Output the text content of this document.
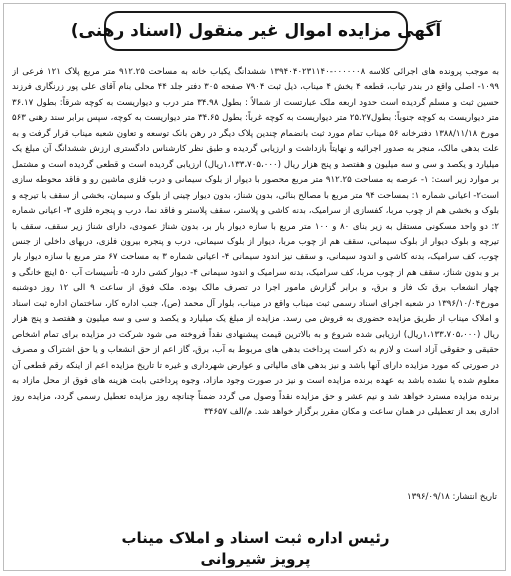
آگهی مزایده اموال غیر منقول (اسناد رهنی)
به موجب پرونده های اجرائی کلاسه ۰۰۰۰۰۰۸-۱۳۹۴۰۴۰۲۳۱۱۴۰ ششدانگ یکباب خانه به مساحت ۹۱۲.۲۵ متر مربع پلاک ۱۲۱ فرعی از ۱۰۹۹- اصلی واقع در بندر تیاب، قطعه ۴ بخش ۴ میناب، ذیل ثبت ۷۹۰۴ صفحه ۳۰۵ دفتر جلد ۴۴ محلی بنام آقای علی پور زرنگاری فرزند حسین ثبت و مسلم گردیده است حدود اربعه ملک عبارتست از شمالاً : بطول ۳۴.۹۸ متر درب و دیواریست به کوچه شرقاً: بطول ۳۶.۱۷ متر دیواریست به کوچه جنوباً: بطول۲۵.۲۷ متر دیواریست به کوچه غرباً: بطول ۳۴.۶۵ متر دیواریست به کوچه، سپس برابر سند رهنی ۵۶۳ مورخ ۱۳۸۸/۱۱/۱۸ دفترخانه ۵۶ میناب تمام مورد ثبت بانضمام چندین پلاک دیگر در رهن بانک توسعه و تعاون شعبه میناب قرار گرفت و به علت بدهی مالک، منجر به صدور اجرائیه و نهایتاً بازداشت و ارزیابی گردیده و طبق نظر کارشناس دادگستری ارزش ششدانگ آن مبلغ یک میلیارد و یکصد و سی و سه میلیون و هفتصد و پنج هزار ریال (۱،۱۳۳،۷۰۵،۰۰۰ریال) ارزیابی گردیده است و قطعی گردیده است و مشتمل بر موارد زیر است: ۱- عرصه به مساحت ۹۱۲.۲۵ متر مربع محصور با دیوار از بلوک سیمانی و درب فلزی ماشین رو و فاقد محوطه سازی است۲- اعیانی شماره ۱: بمساحت ۹۴ متر مربع با مصالح بنائی، بدون شناژ، بدون دیوار چینی از بلوک و سیمان، بخشی از سقف با تیرچه و بلوک و بخشی هم از چوب مربا، کفسازی از سرامیک، بدنه کاشی و پلاستر، سقف پلاستر و فاقد نما، درب و پنجره فلزی ۳- اعیانی شماره ۲: دو واحد مسکونی مستقل به زیر بنای ۸۰ و ۱۰۰ متر مربع با سازه دیوار بار بر، بدون شناژ عمودی، دارای شناژ زیر سقف، سقف با تیرچه و بلوک دیوار از بلوک سیمانی، سقف هم از چوب مربا، دیوار از بلوک سیمانی، درب و پنجره بیرون فلزی، دربهای داخلی از جنس چوب، کف سرامیک، بدنه کاشی و اندود سیمانی، و سقف نیز اندود سیمانی ۴- اعیانی شماره ۳ به مساحت ۶۷ متر مربع با سازه دیوار بار بر و بدون شناژ، سقف هم از چوب مربا، کف سرامیک، بدنه سرامیک و اندود سیمانی ۴- دیوار کشی دارد ۵- تأسیسات آب ۵۰ اینچ خانگی و چهار انشعاب برق تک فاز و برق، و برابر گزارش مامور اجرا در تصرف مالک بوده. ملک فوق از ساعت ۹ الی ۱۲ روز دوشنبه مورخ۱۳۹۶/۱۰/۰۴ در شعبه اجرای اسناد رسمی ثبت میناب واقع در میناب، بلوار آل محمد (ص)، جنب اداره کار، ساختمان اداره ثبت اسناد و املاک میناب از طریق مزایده حضوری به فروش می رسد. مزایده از مبلغ یک میلیارد و یکصد و سی و سه میلیون و هفتصد و پنج هزار ریال (۱،۱۳۳،۷۰۵،۰۰۰ریال) ارزیابی شده شروع و به بالاترین قیمت پیشنهادی نقداً فروخته می شود شرکت در مزایده برای تمام اشخاص حقیقی و حقوقی آزاد است و لازم به ذکر است پرداخت بدهی های مربوط به آب، برق، گاز اعم از حق انشعاب و یا حق اشتراک و مصرف در صورتی که مورد مزایده دارای آنها باشد و نیز بدهی های مالیاتی و عوارض شهرداری و غیره تا تاریخ مزایده اعم از اینکه رقم قطعی آن معلوم شده یا نشده باشد به عهده برنده مزایده است و نیز در صورت وجود مازاد، وجوه پرداختی بابت هزینه های فوق از محل مازاد به برنده مزایده مسترد خواهد شد و نیم عشر و حق مزایده نقداً وصول می گردد ضمناً چنانچه روز مزایده تعطیل رسمی گردد، مزایده روز اداری بعد از تعطیلی در همان ساعت و مکان مقرر برگزار خواهد شد. م/الف ۳۴۶۵۷
تاریخ انتشار: ۱۳۹۶/۰۹/۱۸
رئیس اداره ثبت اسناد و املاک میناب
پرویز شیروانی
